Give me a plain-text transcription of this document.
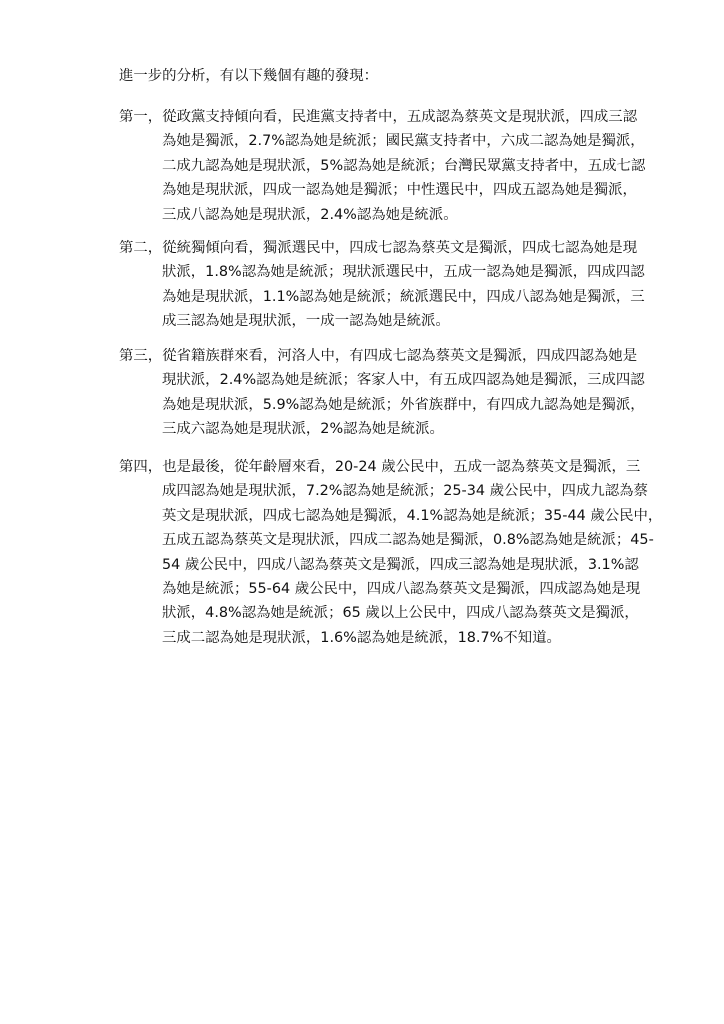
進一步的分析，有以下幾個有趣的發現：

第一，從政黨支持傾向看，民進黨支持者中，五成認為蔡英文是現狀派，四成三認
為她是獨派，2.7%認為她是統派；國民黨支持者中，六成二認為她是獨派，
二成九認為她是現狀派，5%認為她是統派；台灣民眾黨支持者中，五成七認
為她是現狀派，四成一認為她是獨派；中性選民中，四成五認為她是獨派，
三成八認為她是現狀派，2.4%認為她是統派。
第二，從統獨傾向看，獨派選民中，四成七認為蔡英文是獨派，四成七認為她是現
狀派，1.8%認為她是統派；現狀派選民中，五成一認為她是獨派，四成四認
為她是現狀派，1.1%認為她是統派；統派選民中，四成八認為她是獨派，三
成三認為她是現狀派，一成一認為她是統派。
第三，從省籍族群來看，河洛人中，有四成七認為蔡英文是獨派，四成四認為她是
現狀派，2.4%認為她是統派；客家人中，有五成四認為她是獨派，三成四認
為她是現狀派，5.9%認為她是統派；外省族群中，有四成九認為她是獨派，
三成六認為她是現狀派，2%認為她是統派。
第四，也是最後，從年齡層來看，20-24 歲公民中，五成一認為蔡英文是獨派，三
成四認為她是現狀派，7.2%認為她是統派；25-34 歲公民中，四成九認為蔡
英文是現狀派，四成七認為她是獨派，4.1%認為她是統派；35-44 歲公民中，
五成五認為蔡英文是現狀派，四成二認為她是獨派，0.8%認為她是統派；45-
54 歲公民中，四成八認為蔡英文是獨派，四成三認為她是現狀派，3.1%認
為她是統派；55-64 歲公民中，四成八認為蔡英文是獨派，四成認為她是現
狀派，4.8%認為她是統派；65 歲以上公民中，四成八認為蔡英文是獨派，
三成二認為她是現狀派，1.6%認為她是統派，18.7%不知道。
